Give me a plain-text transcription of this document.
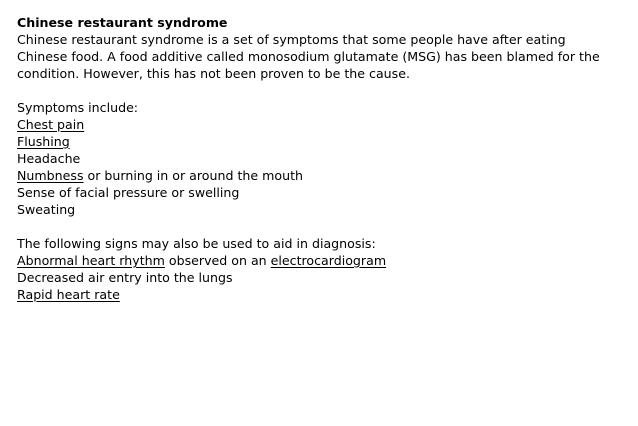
Chinese restaurant syndrome
Chinese restaurant syndrome is a set of symptoms that some people have after eating
Chinese food. A food additive called monosodium glutamate (MSG) has been blamed for the
condition. However, this has not been proven to be the cause.
Symptoms include:
Chest pain
Flushing
Headache
Numbness or burning in or around the mouth
Sense of facial pressure or swelling
Sweating
The following signs may also be used to aid in diagnosis:
Abnormal heart rhythm observed on an electrocardiogram
Decreased air entry into the lungs
Rapid heart rate
